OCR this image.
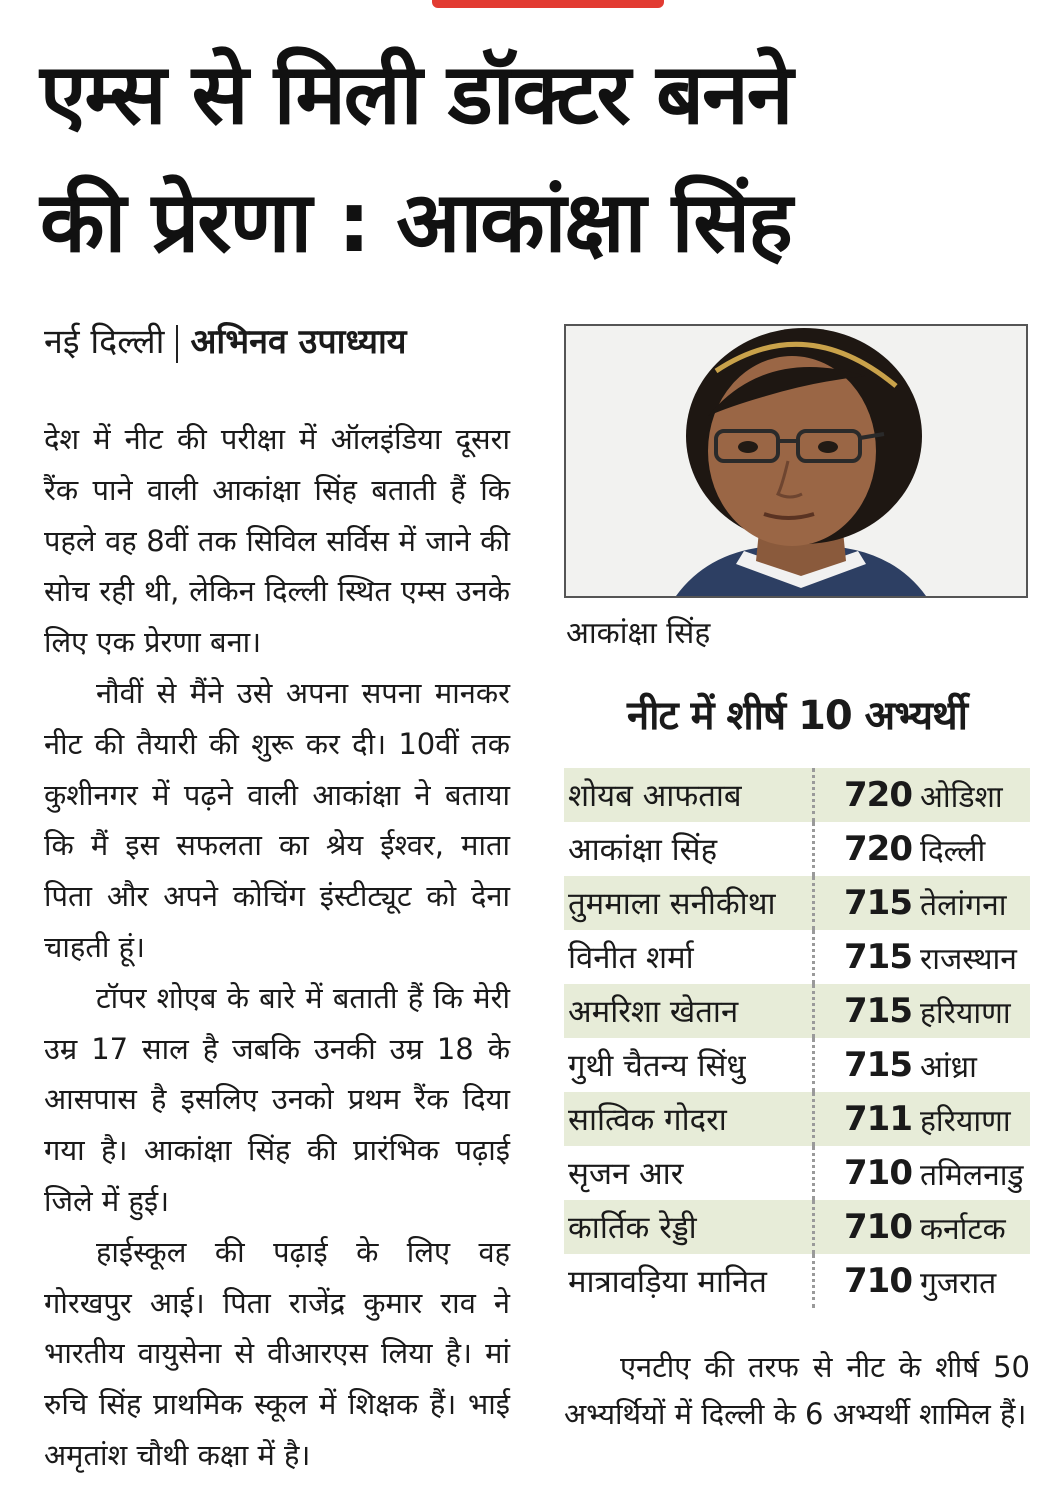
एम्स से मिली डॉक्टर बनने
की प्रेरणा : आकांक्षा सिंह
नई दिल्ली अभिनव उपाध्याय

देश में नीट की परीक्षा में ऑलइंडिया दूसरा रैंक पाने वाली आकांक्षा सिंह बताती हैं कि पहले वह 8वीं तक सिविल सर्विस में जाने की सोच रही थी, लेकिन दिल्ली स्थित एम्स उनके लिए एक प्रेरणा बना।

नौवीं से मैंने उसे अपना सपना मानकर नीट की तैयारी की शुरू कर दी। 10वीं तक कुशीनगर में पढ़ने वाली आकांक्षा ने बताया कि मैं इस सफलता का श्रेय ईश्वर, माता पिता और अपने कोचिंग इंस्टीट्यूट को देना चाहती हूं।

टॉपर शोएब के बारे में बताती हैं कि मेरी उम्र 17 साल है जबकि उनकी उम्र 18 के आसपास है इसलिए उनको प्रथम रैंक दिया गया है। आकांक्षा सिंह की प्रारंभिक पढ़ाई जिले में हुई।

हाईस्कूल की पढ़ाई के लिए वह गोरखपुर आई। पिता राजेंद्र कुमार राव ने भारतीय वायुसेना से वीआरएस लिया है। मां रुचि सिंह प्राथमिक स्कूल में शिक्षक हैं। भाई अमृतांश चौथी कक्षा में है।

आकांक्षा सिंह
नीट में शीर्ष 10 अभ्यर्थी
शोयब आफताब	720 ओडिशा
आकांक्षा सिंह	720 दिल्ली
तुममाला सनीकीथा	715 तेलांगना
विनीत शर्मा	715 राजस्थान
अमरिशा खेतान	715 हरियाणा
गुथी चैतन्य सिंधु	715 आंध्रा
सात्विक गोदरा	711 हरियाणा
सृजन आर	710 तमिलनाडु
कार्तिक रेड्डी	710 कर्नाटक
मात्रावड़िया मानित	710 गुजरात
एनटीए की तरफ से नीट के शीर्ष 50 अभ्यर्थियों में दिल्ली के 6 अभ्यर्थी शामिल हैं।
